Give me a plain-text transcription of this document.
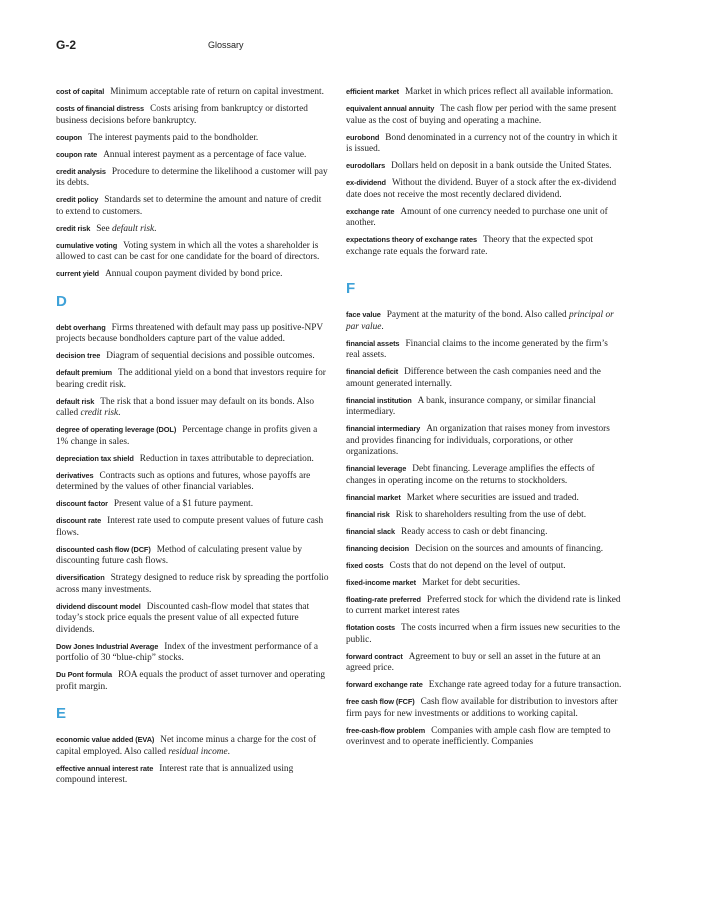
G-2	Glossary

cost of capital Minimum acceptable rate of return on capital investment.

costs of financial distress Costs arising from bankruptcy or distorted business decisions before bankruptcy.

coupon The interest payments paid to the bondholder.

coupon rate Annual interest payment as a percentage of face value.

credit analysis Procedure to determine the likelihood a customer will pay its debts.

credit policy Standards set to determine the amount and nature of credit to extend to customers.

credit risk See default risk.

cumulative voting Voting system in which all the votes a shareholder is allowed to cast can be cast for one candidate for the board of directors.

current yield Annual coupon payment divided by bond price.

D

debt overhang Firms threatened with default may pass up positive-NPV projects because bondholders capture part of the value added.

decision tree Diagram of sequential decisions and possible outcomes.

default premium The additional yield on a bond that investors require for bearing credit risk.

default risk The risk that a bond issuer may default on its bonds. Also called credit risk.

degree of operating leverage (DOL) Percentage change in profits given a 1% change in sales.

depreciation tax shield Reduction in taxes attributable to depreciation.

derivatives Contracts such as options and futures, whose payoffs are determined by the values of other financial variables.

discount factor Present value of a $1 future payment.

discount rate Interest rate used to compute present values of future cash flows.

discounted cash flow (DCF) Method of calculating present value by discounting future cash flows.

diversification Strategy designed to reduce risk by spreading the portfolio across many investments.

dividend discount model Discounted cash-flow model that states that today’s stock price equals the present value of all expected future dividends.

Dow Jones Industrial Average Index of the investment performance of a portfolio of 30 “blue-chip” stocks.

Du Pont formula ROA equals the product of asset turnover and operating profit margin.

E

economic value added (EVA) Net income minus a charge for the cost of capital employed. Also called residual income.

effective annual interest rate Interest rate that is annualized using compound interest.

efficient market Market in which prices reflect all available information.

equivalent annual annuity The cash flow per period with the same present value as the cost of buying and operating a machine.

eurobond Bond denominated in a currency not of the country in which it is issued.

eurodollars Dollars held on deposit in a bank outside the United States.

ex-dividend Without the dividend. Buyer of a stock after the ex-dividend date does not receive the most recently declared dividend.

exchange rate Amount of one currency needed to purchase one unit of another.

expectations theory of exchange rates Theory that the expected spot exchange rate equals the forward rate.

F

face value Payment at the maturity of the bond. Also called principal or par value.

financial assets Financial claims to the income generated by the firm’s real assets.

financial deficit Difference between the cash companies need and the amount generated internally.

financial institution A bank, insurance company, or similar financial intermediary.

financial intermediary An organization that raises money from investors and provides financing for individuals, corporations, or other organizations.

financial leverage Debt financing. Leverage amplifies the effects of changes in operating income on the returns to stockholders.

financial market Market where securities are issued and traded.

financial risk Risk to shareholders resulting from the use of debt.

financial slack Ready access to cash or debt financing.

financing decision Decision on the sources and amounts of financing.

fixed costs Costs that do not depend on the level of output.

fixed-income market Market for debt securities.

floating-rate preferred Preferred stock for which the dividend rate is linked to current market interest rates

flotation costs The costs incurred when a firm issues new securities to the public.

forward contract Agreement to buy or sell an asset in the future at an agreed price.

forward exchange rate Exchange rate agreed today for a future transaction.

free cash flow (FCF) Cash flow available for distribution to investors after firm pays for new investments or additions to working capital.

free-cash-flow problem Companies with ample cash flow are tempted to overinvest and to operate inefficiently. Companies
